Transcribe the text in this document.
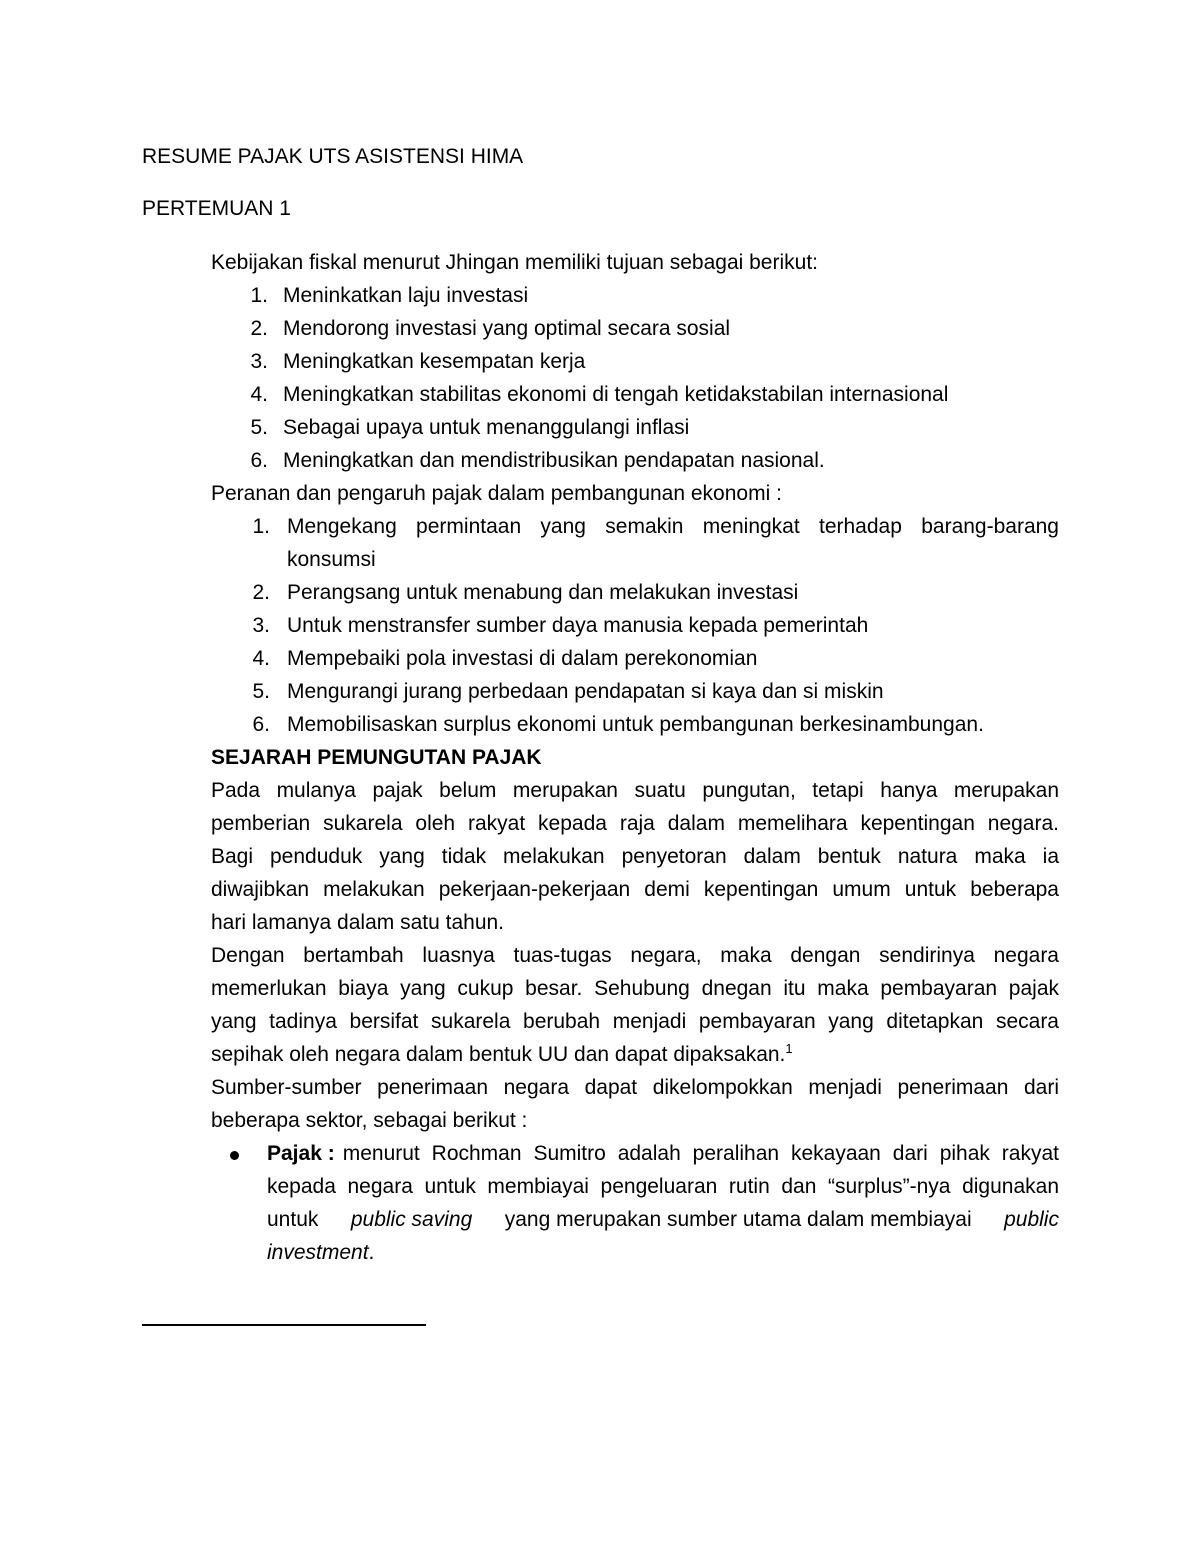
RESUME PAJAK UTS ASISTENSI HIMA
PERTEMUAN 1
Kebijakan fiskal menurut Jhingan memiliki tujuan sebagai berikut:
1. Meninkatkan laju investasi
2. Mendorong investasi yang optimal secara sosial
3. Meningkatkan kesempatan kerja
4. Meningkatkan stabilitas ekonomi di tengah ketidakstabilan internasional
5. Sebagai upaya untuk menanggulangi inflasi
6. Meningkatkan dan mendistribusikan pendapatan nasional.
Peranan dan pengaruh pajak dalam pembangunan ekonomi :
1. Mengekang permintaan yang semakin meningkat terhadap barang-barang
konsumsi
2. Perangsang untuk menabung dan melakukan investasi
3. Untuk menstransfer sumber daya manusia kepada pemerintah
4. Mempebaiki pola investasi di dalam perekonomian
5. Mengurangi jurang perbedaan pendapatan si kaya dan si miskin
6. Memobilisaskan surplus ekonomi untuk pembangunan berkesinambungan.
SEJARAH PEMUNGUTAN PAJAK
Pada mulanya pajak belum merupakan suatu pungutan, tetapi hanya merupakan
pemberian sukarela oleh rakyat kepada raja dalam memelihara kepentingan negara.
Bagi penduduk yang tidak melakukan penyetoran dalam bentuk natura maka ia
diwajibkan melakukan pekerjaan-pekerjaan demi kepentingan umum untuk beberapa
hari lamanya dalam satu tahun.
Dengan bertambah luasnya tuas-tugas negara, maka dengan sendirinya negara
memerlukan biaya yang cukup besar. Sehubung dnegan itu maka pembayaran pajak
yang tadinya bersifat sukarela berubah menjadi pembayaran yang ditetapkan secara
sepihak oleh negara dalam bentuk UU dan dapat dipaksakan.$^1$
Sumber-sumber penerimaan negara dapat dikelompokkan menjadi penerimaan dari
beberapa sektor, sebagai berikut :
Pajak : menurut Rochman Sumitro adalah peralihan kekayaan dari pihak rakyat
kepada negara untuk membiayai pengeluaran rutin dan “surplus”-nya digunakan
untuk public saving yang merupakan sumber utama dalam membiayai public
investment.
